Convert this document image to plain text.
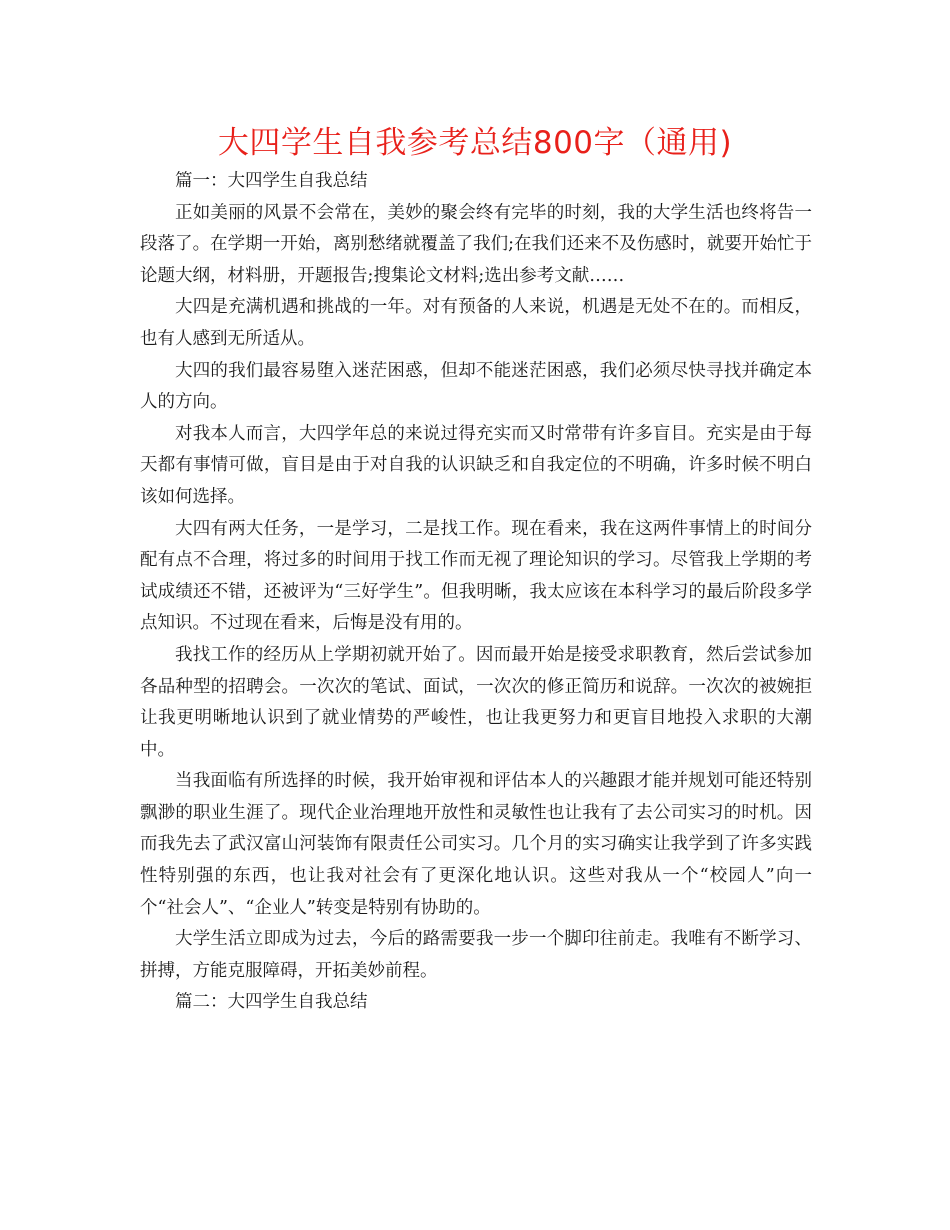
大四学生自我参考总结800字（通用)

篇一：大四学生自我总结

正如美丽的风景不会常在，美妙的聚会终有完毕的时刻，我的大学生活也终将告一段落了。在学期一开始，离别愁绪就覆盖了我们;在我们还来不及伤感时，就要开始忙于论题大纲，材料册，开题报告;搜集论文材料;选出参考文献……

大四是充满机遇和挑战的一年。对有预备的人来说，机遇是无处不在的。而相反，也有人感到无所适从。

大四的我们最容易堕入迷茫困惑，但却不能迷茫困惑，我们必须尽快寻找并确定本人的方向。

对我本人而言，大四学年总的来说过得充实而又时常带有许多盲目。充实是由于每天都有事情可做，盲目是由于对自我的认识缺乏和自我定位的不明确，许多时候不明白该如何选择。

大四有两大任务，一是学习，二是找工作。现在看来，我在这两件事情上的时间分配有点不合理，将过多的时间用于找工作而无视了理论知识的学习。尽管我上学期的考试成绩还不错，还被评为“三好学生”。但我明晰，我太应该在本科学习的最后阶段多学点知识。不过现在看来，后悔是没有用的。

我找工作的经历从上学期初就开始了。因而最开始是接受求职教育，然后尝试参加各品种型的招聘会。一次次的笔试、面试，一次次的修正简历和说辞。一次次的被婉拒让我更明晰地认识到了就业情势的严峻性，也让我更努力和更盲目地投入求职的大潮中。

当我面临有所选择的时候，我开始审视和评估本人的兴趣跟才能并规划可能还特别飘渺的职业生涯了。现代企业治理地开放性和灵敏性也让我有了去公司实习的时机。因而我先去了武汉富山河装饰有限责任公司实习。几个月的实习确实让我学到了许多实践性特别强的东西，也让我对社会有了更深化地认识。这些对我从一个“校园人”向一个“社会人”、“企业人”转变是特别有协助的。

大学生活立即成为过去，今后的路需要我一步一个脚印往前走。我唯有不断学习、拼搏，方能克服障碍，开拓美妙前程。

篇二：大四学生自我总结
